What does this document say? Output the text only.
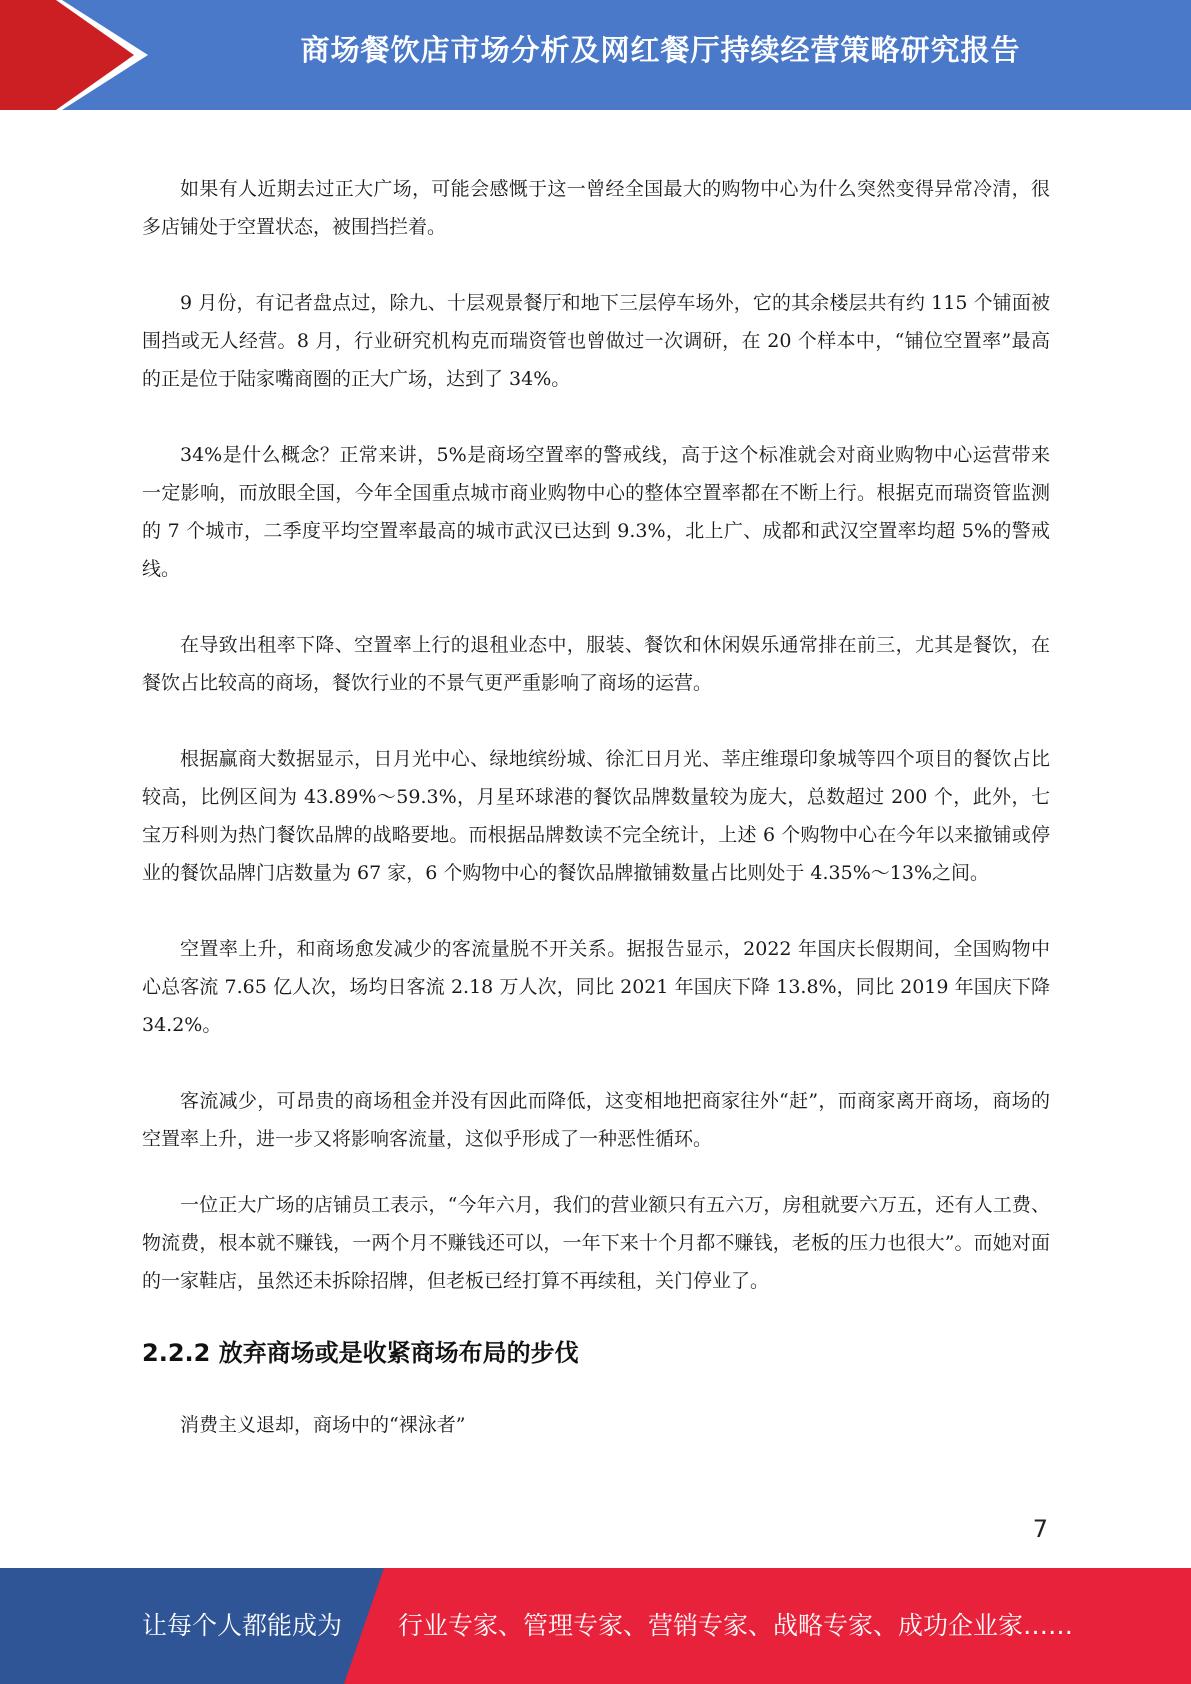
商场餐饮店市场分析及网红餐厅持续经营策略研究报告

如果有人近期去过正大广场，可能会感慨于这一曾经全国最大的购物中心为什么突然变得异常冷清，很多店铺处于空置状态，被围挡拦着。

9 月份，有记者盘点过，除九、十层观景餐厅和地下三层停车场外，它的其余楼层共有约 115 个铺面被围挡或无人经营。8 月，行业研究机构克而瑞资管也曾做过一次调研，在 20 个样本中，“铺位空置率”最高的正是位于陆家嘴商圈的正大广场，达到了 34%。

34%是什么概念？正常来讲，5%是商场空置率的警戒线，高于这个标准就会对商业购物中心运营带来一定影响，而放眼全国，今年全国重点城市商业购物中心的整体空置率都在不断上行。根据克而瑞资管监测的 7 个城市，二季度平均空置率最高的城市武汉已达到 9.3%，北上广、成都和武汉空置率均超 5%的警戒线。

在导致出租率下降、空置率上行的退租业态中，服装、餐饮和休闲娱乐通常排在前三，尤其是餐饮，在餐饮占比较高的商场，餐饮行业的不景气更严重影响了商场的运营。

根据赢商大数据显示，日月光中心、绿地缤纷城、徐汇日月光、莘庄维璟印象城等四个项目的餐饮占比较高，比例区间为 43.89%～59.3%，月星环球港的餐饮品牌数量较为庞大，总数超过 200 个，此外，七宝万科则为热门餐饮品牌的战略要地。而根据品牌数读不完全统计，上述 6 个购物中心在今年以来撤铺或停业的餐饮品牌门店数量为 67 家，6 个购物中心的餐饮品牌撤铺数量占比则处于 4.35%～13%之间。

空置率上升，和商场愈发减少的客流量脱不开关系。据报告显示，2022 年国庆长假期间，全国购物中心总客流 7.65 亿人次，场均日客流 2.18 万人次，同比 2021 年国庆下降 13.8%，同比 2019 年国庆下降 34.2%。

客流减少，可昂贵的商场租金并没有因此而降低，这变相地把商家往外“赶”，而商家离开商场，商场的空置率上升，进一步又将影响客流量，这似乎形成了一种恶性循环。

一位正大广场的店铺员工表示，“今年六月，我们的营业额只有五六万，房租就要六万五，还有人工费、物流费，根本就不赚钱，一两个月不赚钱还可以，一年下来十个月都不赚钱，老板的压力也很大”。而她对面的一家鞋店，虽然还未拆除招牌，但老板已经打算不再续租，关门停业了。

2.2.2 放弃商场或是收紧商场布局的步伐

消费主义退却，商场中的“裸泳者”

7
让每个人都能成为 行业专家、管理专家、营销专家、战略专家、成功企业家……
